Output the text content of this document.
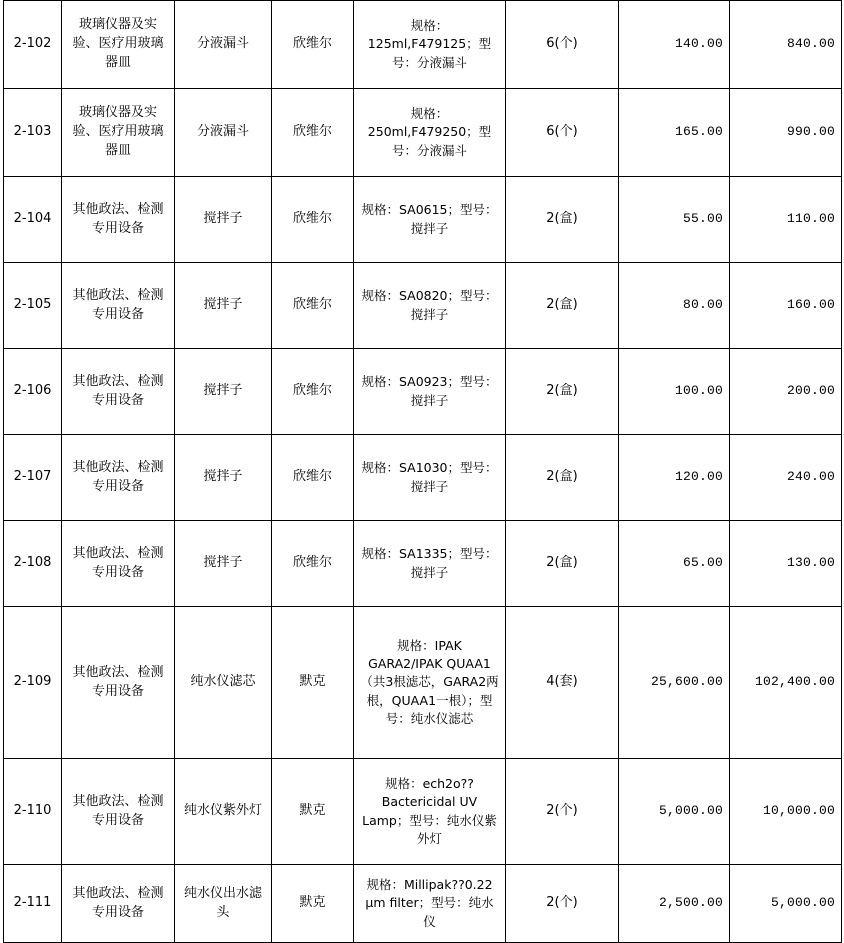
2-102	玻璃仪器及实验、医疗用玻璃器皿	分液漏斗	欣维尔	规格：125ml,F479125；型号：分液漏斗	6(个)	140.00	840.00
2-103	玻璃仪器及实验、医疗用玻璃器皿	分液漏斗	欣维尔	规格：250ml,F479250；型号：分液漏斗	6(个)	165.00	990.00
2-104	其他政法、检测专用设备	搅拌子	欣维尔	规格：SA0615；型号：搅拌子	2(盒)	55.00	110.00
2-105	其他政法、检测专用设备	搅拌子	欣维尔	规格：SA0820；型号：搅拌子	2(盒)	80.00	160.00
2-106	其他政法、检测专用设备	搅拌子	欣维尔	规格：SA0923；型号：搅拌子	2(盒)	100.00	200.00
2-107	其他政法、检测专用设备	搅拌子	欣维尔	规格：SA1030；型号：搅拌子	2(盒)	120.00	240.00
2-108	其他政法、检测专用设备	搅拌子	欣维尔	规格：SA1335；型号：搅拌子	2(盒)	65.00	130.00
2-109	其他政法、检测专用设备	纯水仪滤芯	默克	规格：IPAK GARA2/IPAK QUAA1（共3根滤芯，GARA2两根，QUAA1一根）；型号：纯水仪滤芯	4(套)	25,600.00	102,400.00
2-110	其他政法、检测专用设备	纯水仪紫外灯	默克	规格：ech2o??Bactericidal UV Lamp；型号：纯水仪紫外灯	2(个)	5,000.00	10,000.00
2-111	其他政法、检测专用设备	纯水仪出水滤头	默克	规格：Millipak??0.22 μm filter；型号：纯水仪	2(个)	2,500.00	5,000.00
